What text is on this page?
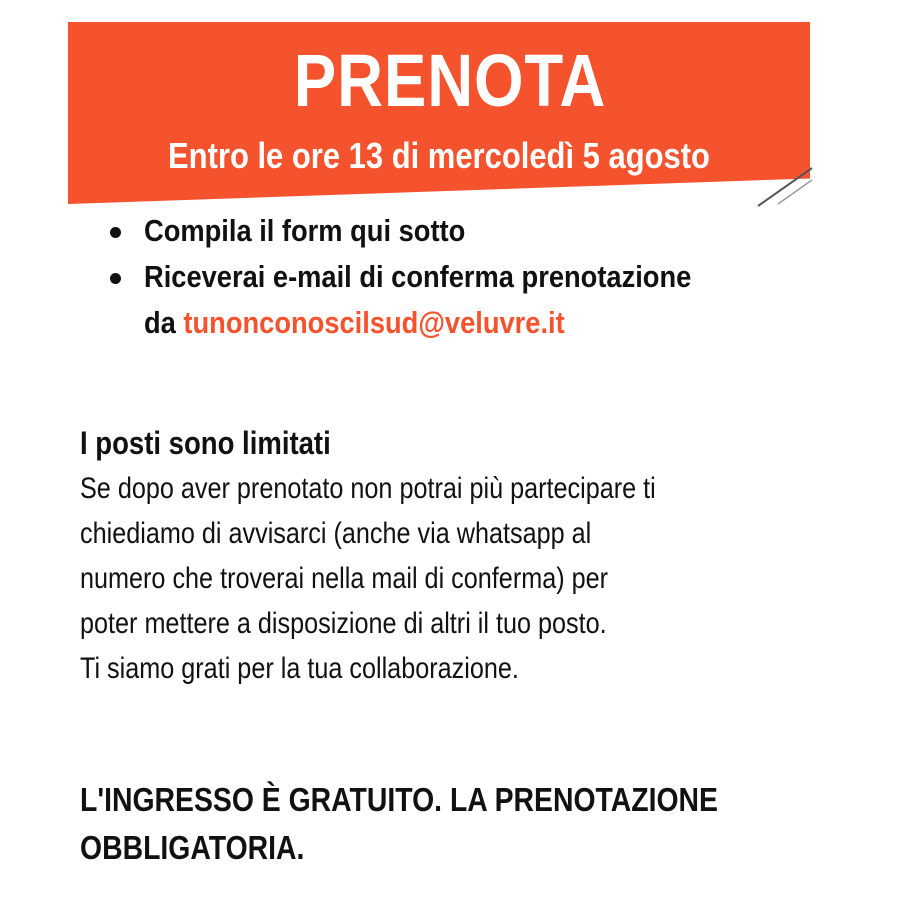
PRENOTA
Entro le ore 13 di mercoledì 5 agosto
Compila il form qui sotto
Riceverai e-mail di conferma prenotazione
da tunonconoscilsud@veluvre.it

I posti sono limitati

Se dopo aver prenotato non potrai più partecipare ti
chiediamo di avvisarci (anche via whatsapp al
numero che troverai nella mail di conferma) per
poter mettere a disposizione di altri il tuo posto.
Ti siamo grati per la tua collaborazione.
L'INGRESSO È GRATUITO. LA PRENOTAZIONE
OBBLIGATORIA.
